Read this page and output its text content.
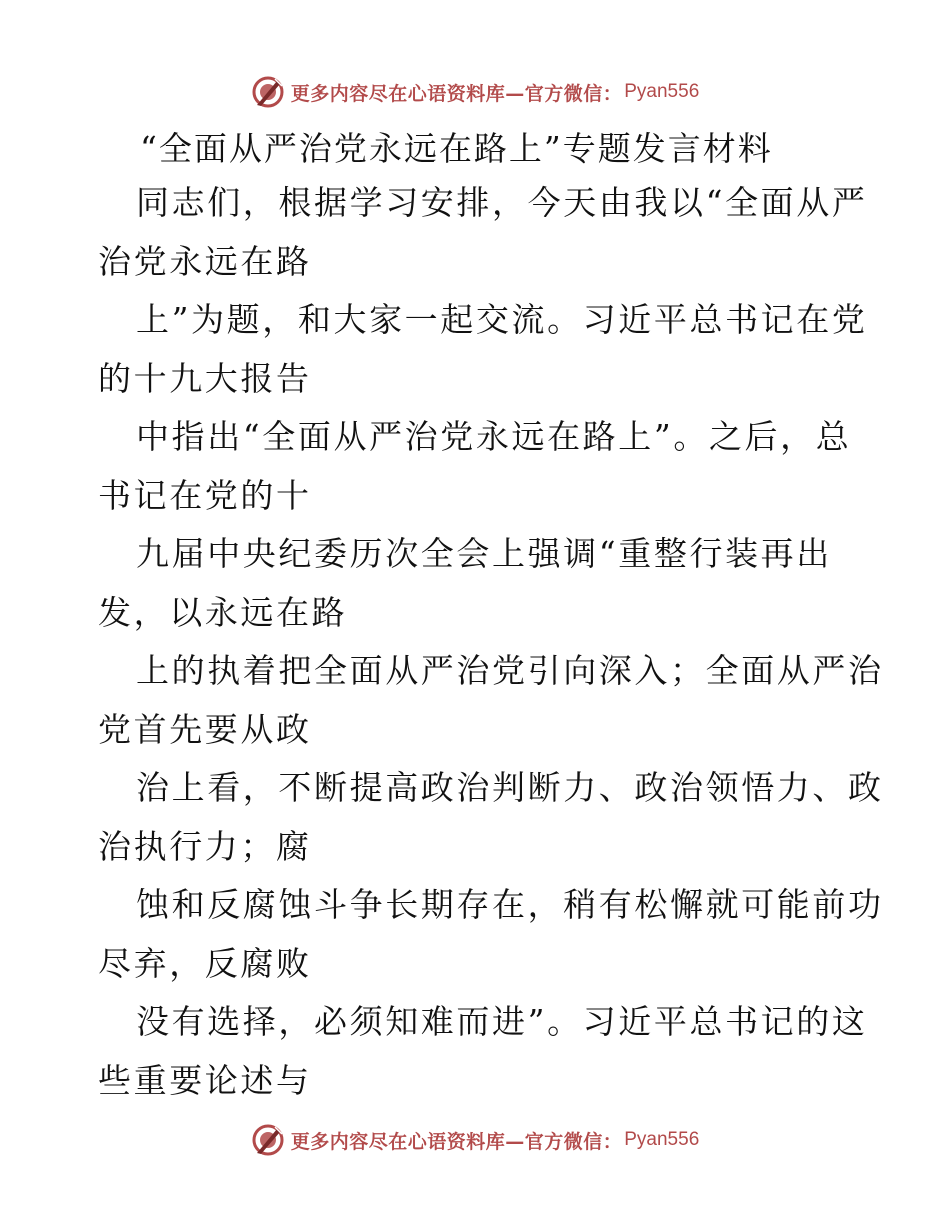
更多内容尽在心语资料库—官方微信： Pyan556
“全面从严治党永远在路上”专题发言材料

同志们，根据学习安排，今天由我以“全面从严

治党永远在路

上”为题，和大家一起交流。习近平总书记在党

的十九大报告

中指出“全面从严治党永远在路上”。之后，总

书记在党的十

九届中央纪委历次全会上强调“重整行装再出

发，以永远在路

上的执着把全面从严治党引向深入；全面从严治

党首先要从政

治上看，不断提高政治判断力、政治领悟力、政

治执行力；腐

蚀和反腐蚀斗争长期存在，稍有松懈就可能前功

尽弃，反腐败

没有选择，必须知难而进”。习近平总书记的这

些重要论述与

更多内容尽在心语资料库—官方微信： Pyan556
